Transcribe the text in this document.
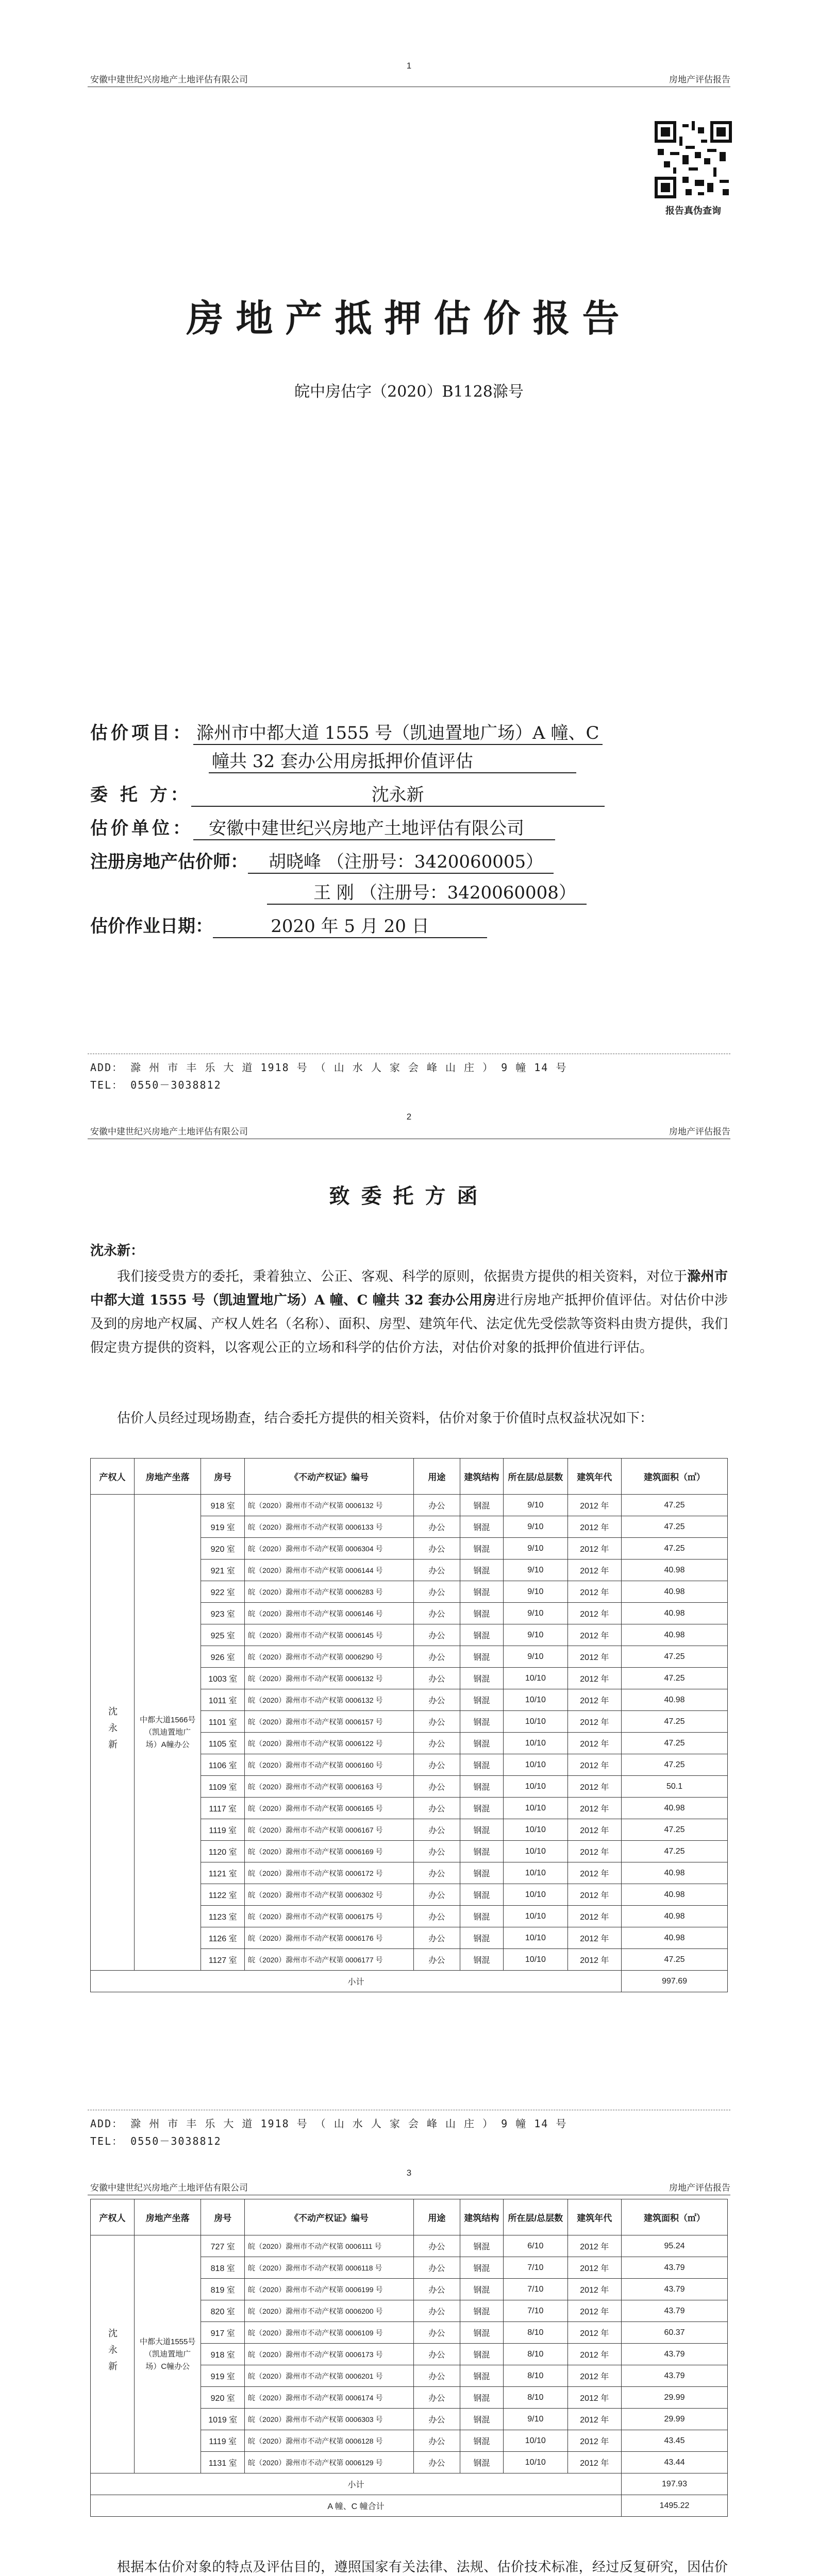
1
安徽中建世纪兴房地产土地评估有限公司	房地产评估报告
报告真伪查询
房地产抵押估价报告
皖中房估字（2020）B1128滁号
估价项目： 滁州市中都大道 1555 号（凯迪置地广场）A 幢、C
幢共 32 套办公用房抵押价值评估
委 托 方：	沈永新
估价单位： 安徽中建世纪兴房地产土地评估有限公司
注册房地产估价师： 胡晓峰 （注册号：3420060005）
王 刚 （注册号：3420060008）
估价作业日期：	2020 年 5 月 20 日
ADD： 滁 州 市 丰 乐 大 道 1918 号 （ 山 水 人 家 会 峰 山 庄 ） 9 幢 14 号
TEL： 0550－3038812
2
安徽中建世纪兴房地产土地评估有限公司	房地产评估报告
致委托方函
沈永新：
我们接受贵方的委托，秉着独立、公正、客观、科学的原则，依据贵方提供的相关资料，对位于滁州市中都大道 1555 号（凯迪置地广场）A 幢、C 幢共 32 套办公用房进行房地产抵押价值评估。对估价中涉及到的房地产权属、产权人姓名（名称）、面积、房型、建筑年代、法定优先受偿款等资料由贵方提供，我们假定贵方提供的资料，以客观公正的立场和科学的估价方法，对估价对象的抵押价值进行评估。
估价人员经过现场勘查，结合委托方提供的相关资料，估价对象于价值时点权益状况如下：
产权人	房地产坐落	房号	《不动产权证》编号	用途	建筑结构	所在层/总层数	建筑年代	建筑面积（㎡）
沈永新	中都大道1566号（凯迪置地广场）A幢办公	918 室	皖（2020）滁州市不动产权第 0006132 号	办公	钢混	9/10	2012 年	47.25
		919 室	皖（2020）滁州市不动产权第 0006133 号	办公	钢混	9/10	2012 年	47.25
		920 室	皖（2020）滁州市不动产权第 0006304 号	办公	钢混	9/10	2012 年	47.25
		921 室	皖（2020）滁州市不动产权第 0006144 号	办公	钢混	9/10	2012 年	40.98
		922 室	皖（2020）滁州市不动产权第 0006283 号	办公	钢混	9/10	2012 年	40.98
		923 室	皖（2020）滁州市不动产权第 0006146 号	办公	钢混	9/10	2012 年	40.98
		925 室	皖（2020）滁州市不动产权第 0006145 号	办公	钢混	9/10	2012 年	40.98
		926 室	皖（2020）滁州市不动产权第 0006290 号	办公	钢混	9/10	2012 年	47.25
		1003 室	皖（2020）滁州市不动产权第 0006132 号	办公	钢混	10/10	2012 年	47.25
		1011 室	皖（2020）滁州市不动产权第 0006132 号	办公	钢混	10/10	2012 年	40.98
		1101 室	皖（2020）滁州市不动产权第 0006157 号	办公	钢混	10/10	2012 年	47.25
		1105 室	皖（2020）滁州市不动产权第 0006122 号	办公	钢混	10/10	2012 年	47.25
		1106 室	皖（2020）滁州市不动产权第 0006160 号	办公	钢混	10/10	2012 年	47.25
		1109 室	皖（2020）滁州市不动产权第 0006163 号	办公	钢混	10/10	2012 年	50.1
		1117 室	皖（2020）滁州市不动产权第 0006165 号	办公	钢混	10/10	2012 年	40.98
		1119 室	皖（2020）滁州市不动产权第 0006167 号	办公	钢混	10/10	2012 年	47.25
		1120 室	皖（2020）滁州市不动产权第 0006169 号	办公	钢混	10/10	2012 年	47.25
		1121 室	皖（2020）滁州市不动产权第 0006172 号	办公	钢混	10/10	2012 年	40.98
		1122 室	皖（2020）滁州市不动产权第 0006302 号	办公	钢混	10/10	2012 年	40.98
		1123 室	皖（2020）滁州市不动产权第 0006175 号	办公	钢混	10/10	2012 年	40.98
		1126 室	皖（2020）滁州市不动产权第 0006176 号	办公	钢混	10/10	2012 年	40.98
		1127 室	皖（2020）滁州市不动产权第 0006177 号	办公	钢混	10/10	2012 年	47.25
小计								997.69
ADD： 滁 州 市 丰 乐 大 道 1918 号 （ 山 水 人 家 会 峰 山 庄 ） 9 幢 14 号
TEL： 0550－3038812
3
安徽中建世纪兴房地产土地评估有限公司	房地产评估报告
产权人	房地产坐落	房号	《不动产权证》编号	用途	建筑结构	所在层/总层数	建筑年代	建筑面积（㎡）
沈永新	中都大道1555号（凯迪置地广场）C幢办公	727 室	皖（2020）滁州市不动产权第 0006111 号	办公	钢混	6/10	2012 年	95.24
		818 室	皖（2020）滁州市不动产权第 0006118 号	办公	钢混	7/10	2012 年	43.79
		819 室	皖（2020）滁州市不动产权第 0006199 号	办公	钢混	7/10	2012 年	43.79
		820 室	皖（2020）滁州市不动产权第 0006200 号	办公	钢混	7/10	2012 年	43.79
		917 室	皖（2020）滁州市不动产权第 0006109 号	办公	钢混	8/10	2012 年	60.37
		918 室	皖（2020）滁州市不动产权第 0006173 号	办公	钢混	8/10	2012 年	43.79
		919 室	皖（2020）滁州市不动产权第 0006201 号	办公	钢混	8/10	2012 年	43.79
		920 室	皖（2020）滁州市不动产权第 0006174 号	办公	钢混	8/10	2012 年	29.99
		1019 室	皖（2020）滁州市不动产权第 0006303 号	办公	钢混	9/10	2012 年	29.99
		1119 室	皖（2020）滁州市不动产权第 0006128 号	办公	钢混	10/10	2012 年	43.45
		1131 室	皖（2020）滁州市不动产权第 0006129 号	办公	钢混	10/10	2012 年	43.44
小计								197.93
A 幢、C 幢合计								1495.22
根据本估价对象的特点及评估目的，遵照国家有关法律、法规、估价技术标准，经过反复研究，因估价
